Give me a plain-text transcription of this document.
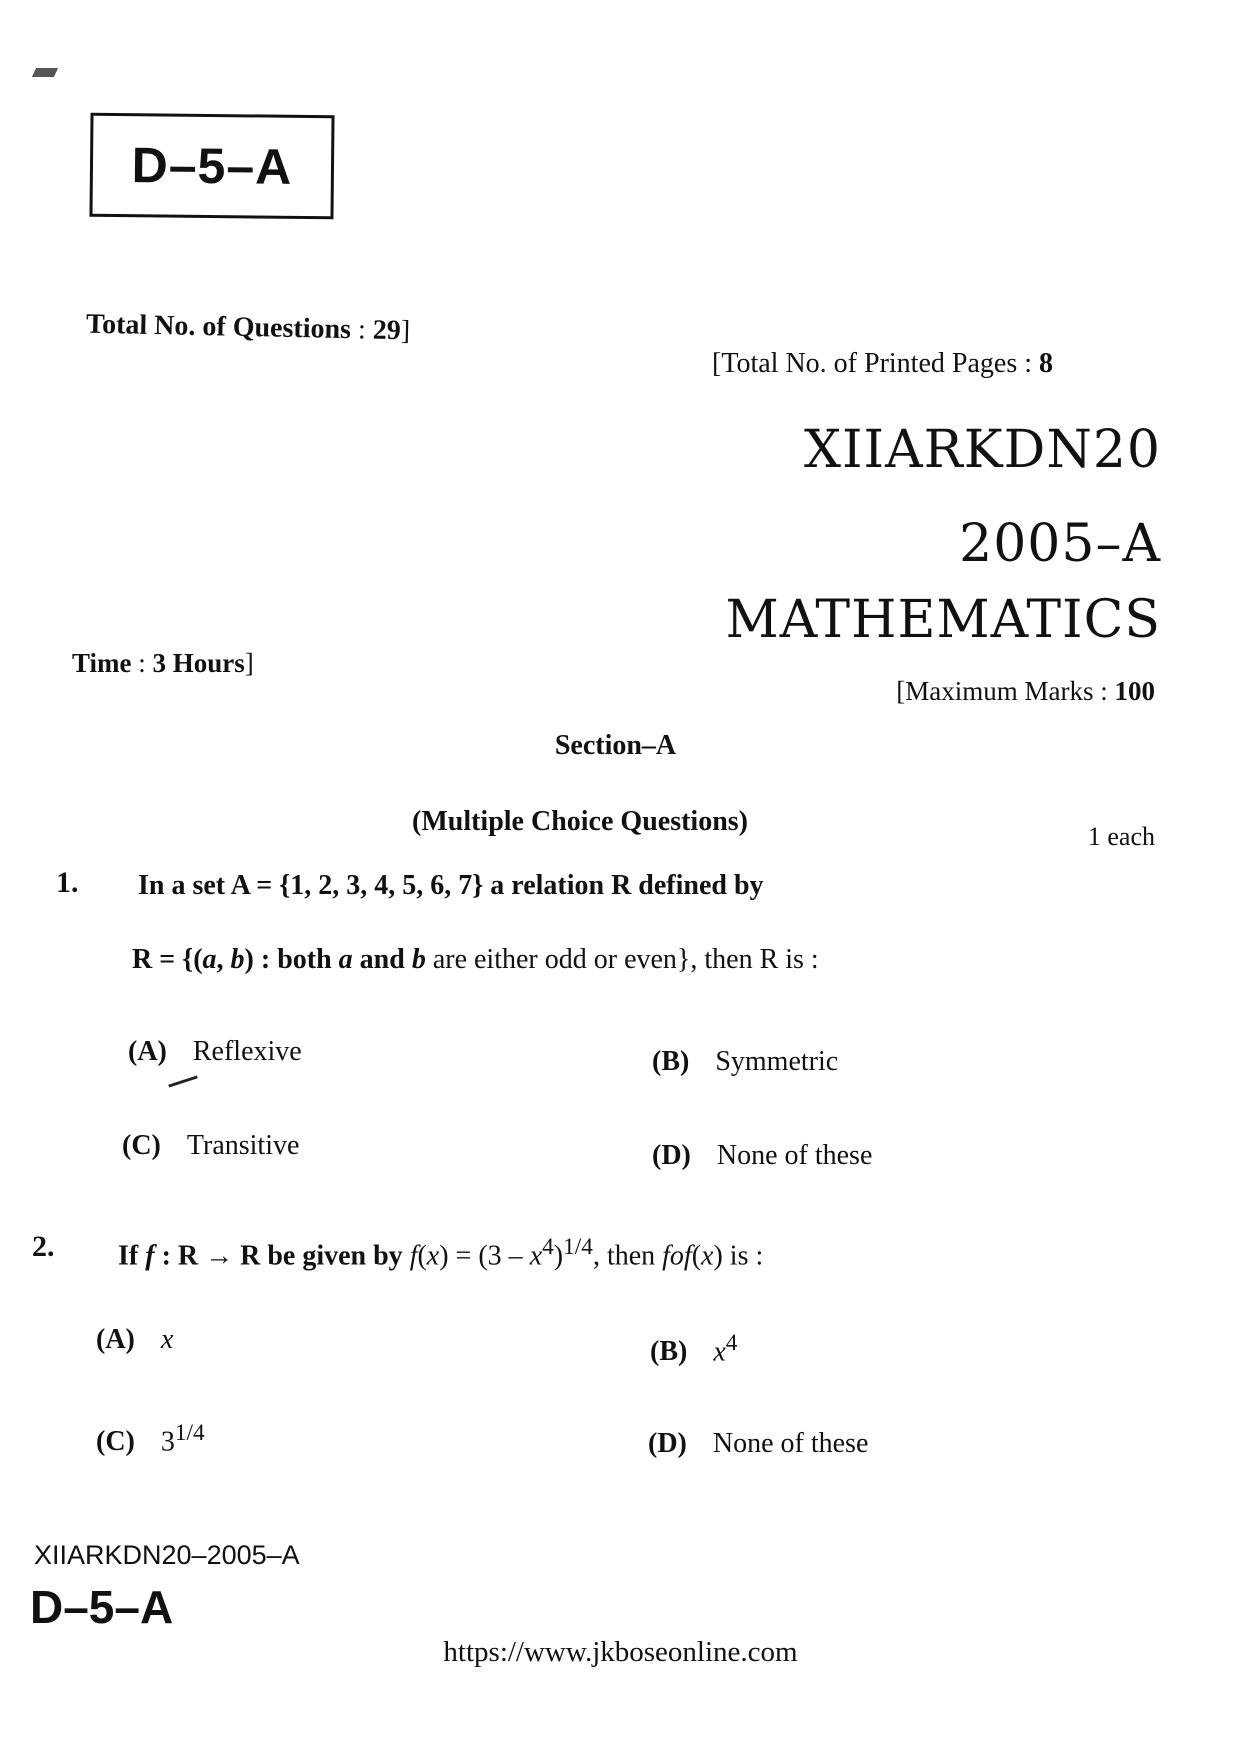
D–5–A
Total No. of Questions : 29]
[Total No. of Printed Pages : 8
XIIARKDN20
2005–A
MATHEMATICS
Time : 3 Hours]
[Maximum Marks : 100
Section–A
(Multiple Choice Questions)	1 each
1. In a set A = {1, 2, 3, 4, 5, 6, 7} a relation R defined by
R = {(a, b) : both a and b are either odd or even}, then R is :
(A) Reflexive	(B) Symmetric
(C) Transitive	(D) None of these
2. If f : R → R be given by $f(x) = (3 - x^4)^{1/4}$, then fof(x) is :
(A) x	(B) $x^4$
(C) $3^{1/4}$	(D) None of these
XIIARKDN20–2005–A
D–5–A
https://www.jkboseonline.com
